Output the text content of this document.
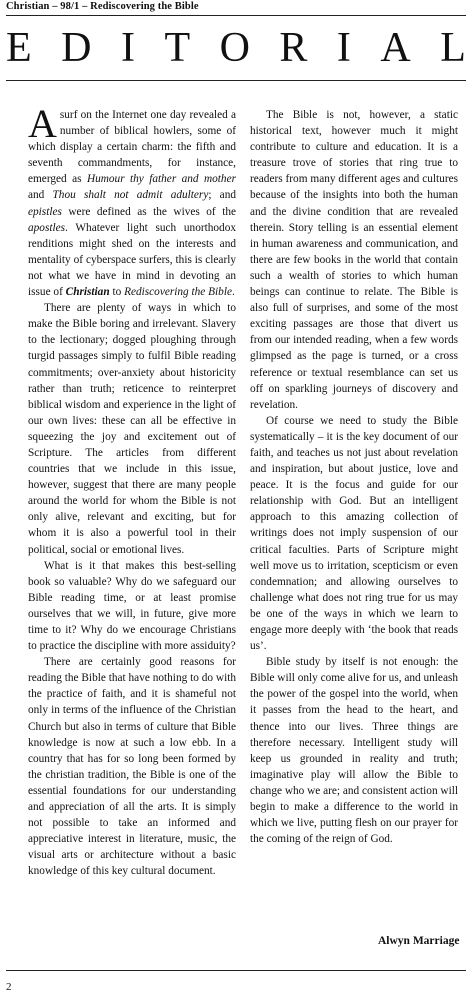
Christian – 98/1 – Rediscovering the Bible
E D I T O R I A L

A surf on the Internet one day revealed a number of biblical howlers, some of which display a certain charm: the fifth and seventh commandments, for instance, emerged as Humour thy father and mother and Thou shalt not admit adultery; and epistles were defined as the wives of the apostles. Whatever light such unorthodox renditions might shed on the interests and mentality of cyberspace surfers, this is clearly not what we have in mind in devoting an issue of Christian to Rediscovering the Bible.

There are plenty of ways in which to make the Bible boring and irrelevant. Slavery to the lectionary; dogged ploughing through turgid passages simply to fulfil Bible reading commitments; over-anxiety about historicity rather than truth; reticence to reinterpret biblical wisdom and experience in the light of our own lives: these can all be effective in squeezing the joy and excitement out of Scripture. The articles from different countries that we include in this issue, however, suggest that there are many people around the world for whom the Bible is not only alive, relevant and exciting, but for whom it is also a powerful tool in their political, social or emotional lives.

What is it that makes this best-selling book so valuable? Why do we safeguard our Bible reading time, or at least promise ourselves that we will, in future, give more time to it? Why do we encourage Christians to practice the discipline with more assiduity?

There are certainly good reasons for reading the Bible that have nothing to do with the practice of faith, and it is shameful not only in terms of the influence of the Christian Church but also in terms of culture that Bible knowledge is now at such a low ebb. In a country that has for so long been formed by the christian tradition, the Bible is one of the essential foundations for our understanding and appreciation of all the arts. It is simply not possible to take an informed and appreciative interest in literature, music, the visual arts or architecture without a basic knowledge of this key cultural document.

The Bible is not, however, a static historical text, however much it might contribute to culture and education. It is a treasure trove of stories that ring true to readers from many different ages and cultures because of the insights into both the human and the divine condition that are revealed therein. Story telling is an essential element in human awareness and communication, and there are few books in the world that contain such a wealth of stories to which human beings can continue to relate. The Bible is also full of surprises, and some of the most exciting passages are those that divert us from our intended reading, when a few words glimpsed as the page is turned, or a cross reference or textual resemblance can set us off on sparkling journeys of discovery and revelation.

Of course we need to study the Bible systematically – it is the key document of our faith, and teaches us not just about revelation and inspiration, but about justice, love and peace. It is the focus and guide for our relationship with God. But an intelligent approach to this amazing collection of writings does not imply suspension of our critical faculties. Parts of Scripture might well move us to irritation, scepticism or even condemnation; and allowing ourselves to challenge what does not ring true for us may be one of the ways in which we learn to engage more deeply with ‘the book that reads us’.

Bible study by itself is not enough: the Bible will only come alive for us, and unleash the power of the gospel into the world, when it passes from the head to the heart, and thence into our lives. Three things are therefore necessary. Intelligent study will keep us grounded in reality and truth; imaginative play will allow the Bible to change who we are; and consistent action will begin to make a difference to the world in which we live, putting flesh on our prayer for the coming of the reign of God.

Alwyn Marriage
2
